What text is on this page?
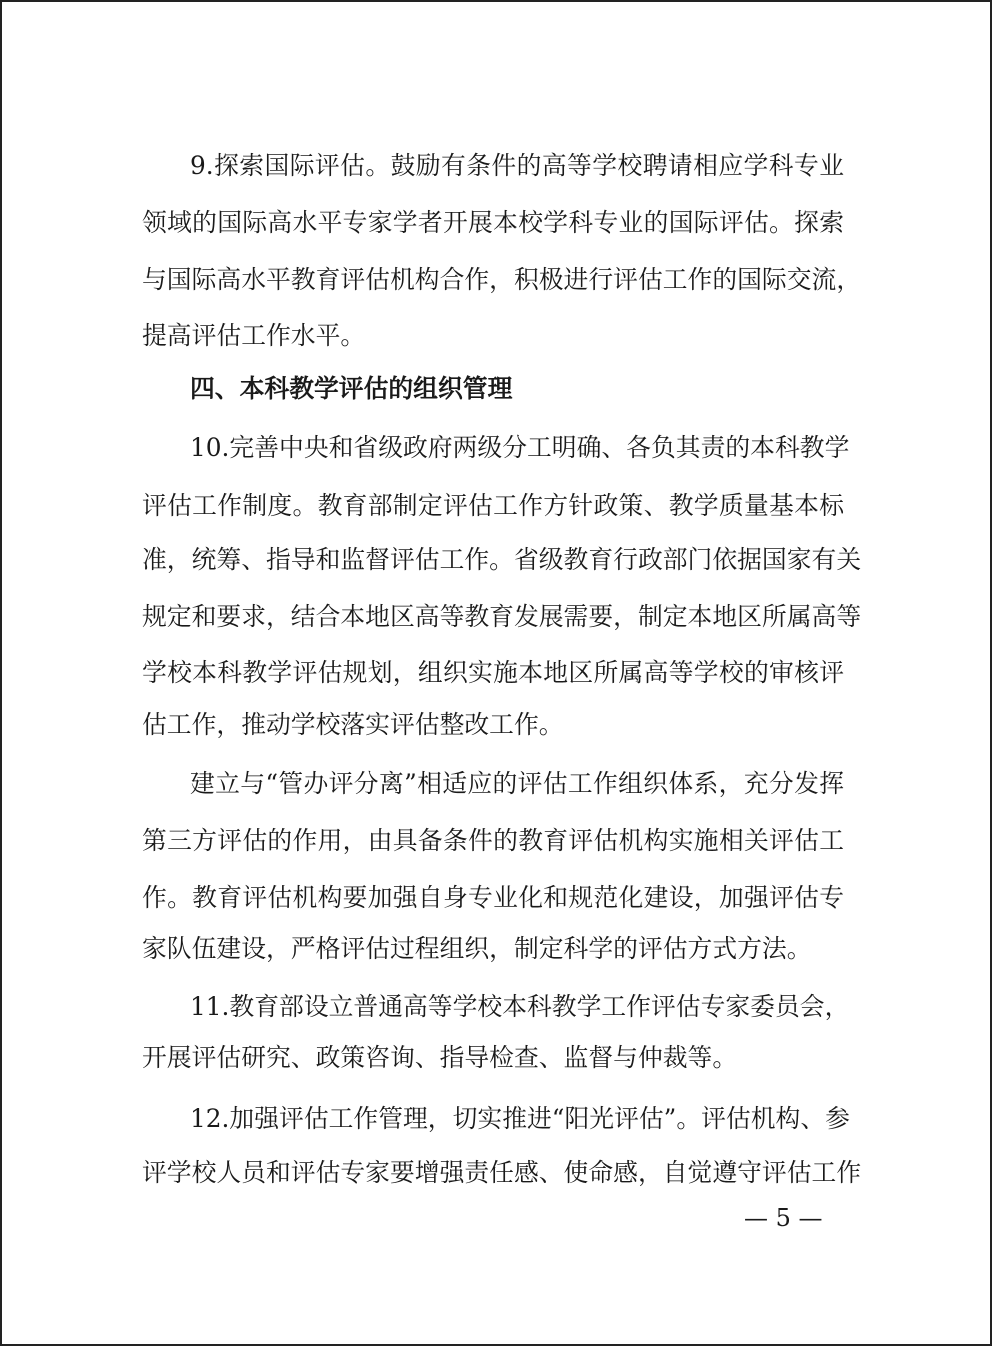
9.探索国际评估。鼓励有条件的高等学校聘请相应学科专业
领域的国际高水平专家学者开展本校学科专业的国际评估。探索
与国际高水平教育评估机构合作，积极进行评估工作的国际交流，
提高评估工作水平。
四、本科教学评估的组织管理
10.完善中央和省级政府两级分工明确、各负其责的本科教学
评估工作制度。教育部制定评估工作方针政策、教学质量基本标
准，统筹、指导和监督评估工作。省级教育行政部门依据国家有关
规定和要求，结合本地区高等教育发展需要，制定本地区所属高等
学校本科教学评估规划，组织实施本地区所属高等学校的审核评
估工作，推动学校落实评估整改工作。
建立与“管办评分离”相适应的评估工作组织体系，充分发挥
第三方评估的作用，由具备条件的教育评估机构实施相关评估工
作。教育评估机构要加强自身专业化和规范化建设，加强评估专
家队伍建设，严格评估过程组织，制定科学的评估方式方法。
11.教育部设立普通高等学校本科教学工作评估专家委员会，
开展评估研究、政策咨询、指导检查、监督与仲裁等。
12.加强评估工作管理，切实推进“阳光评估”。评估机构、参
评学校人员和评估专家要增强责任感、使命感，自觉遵守评估工作
— 5 —
